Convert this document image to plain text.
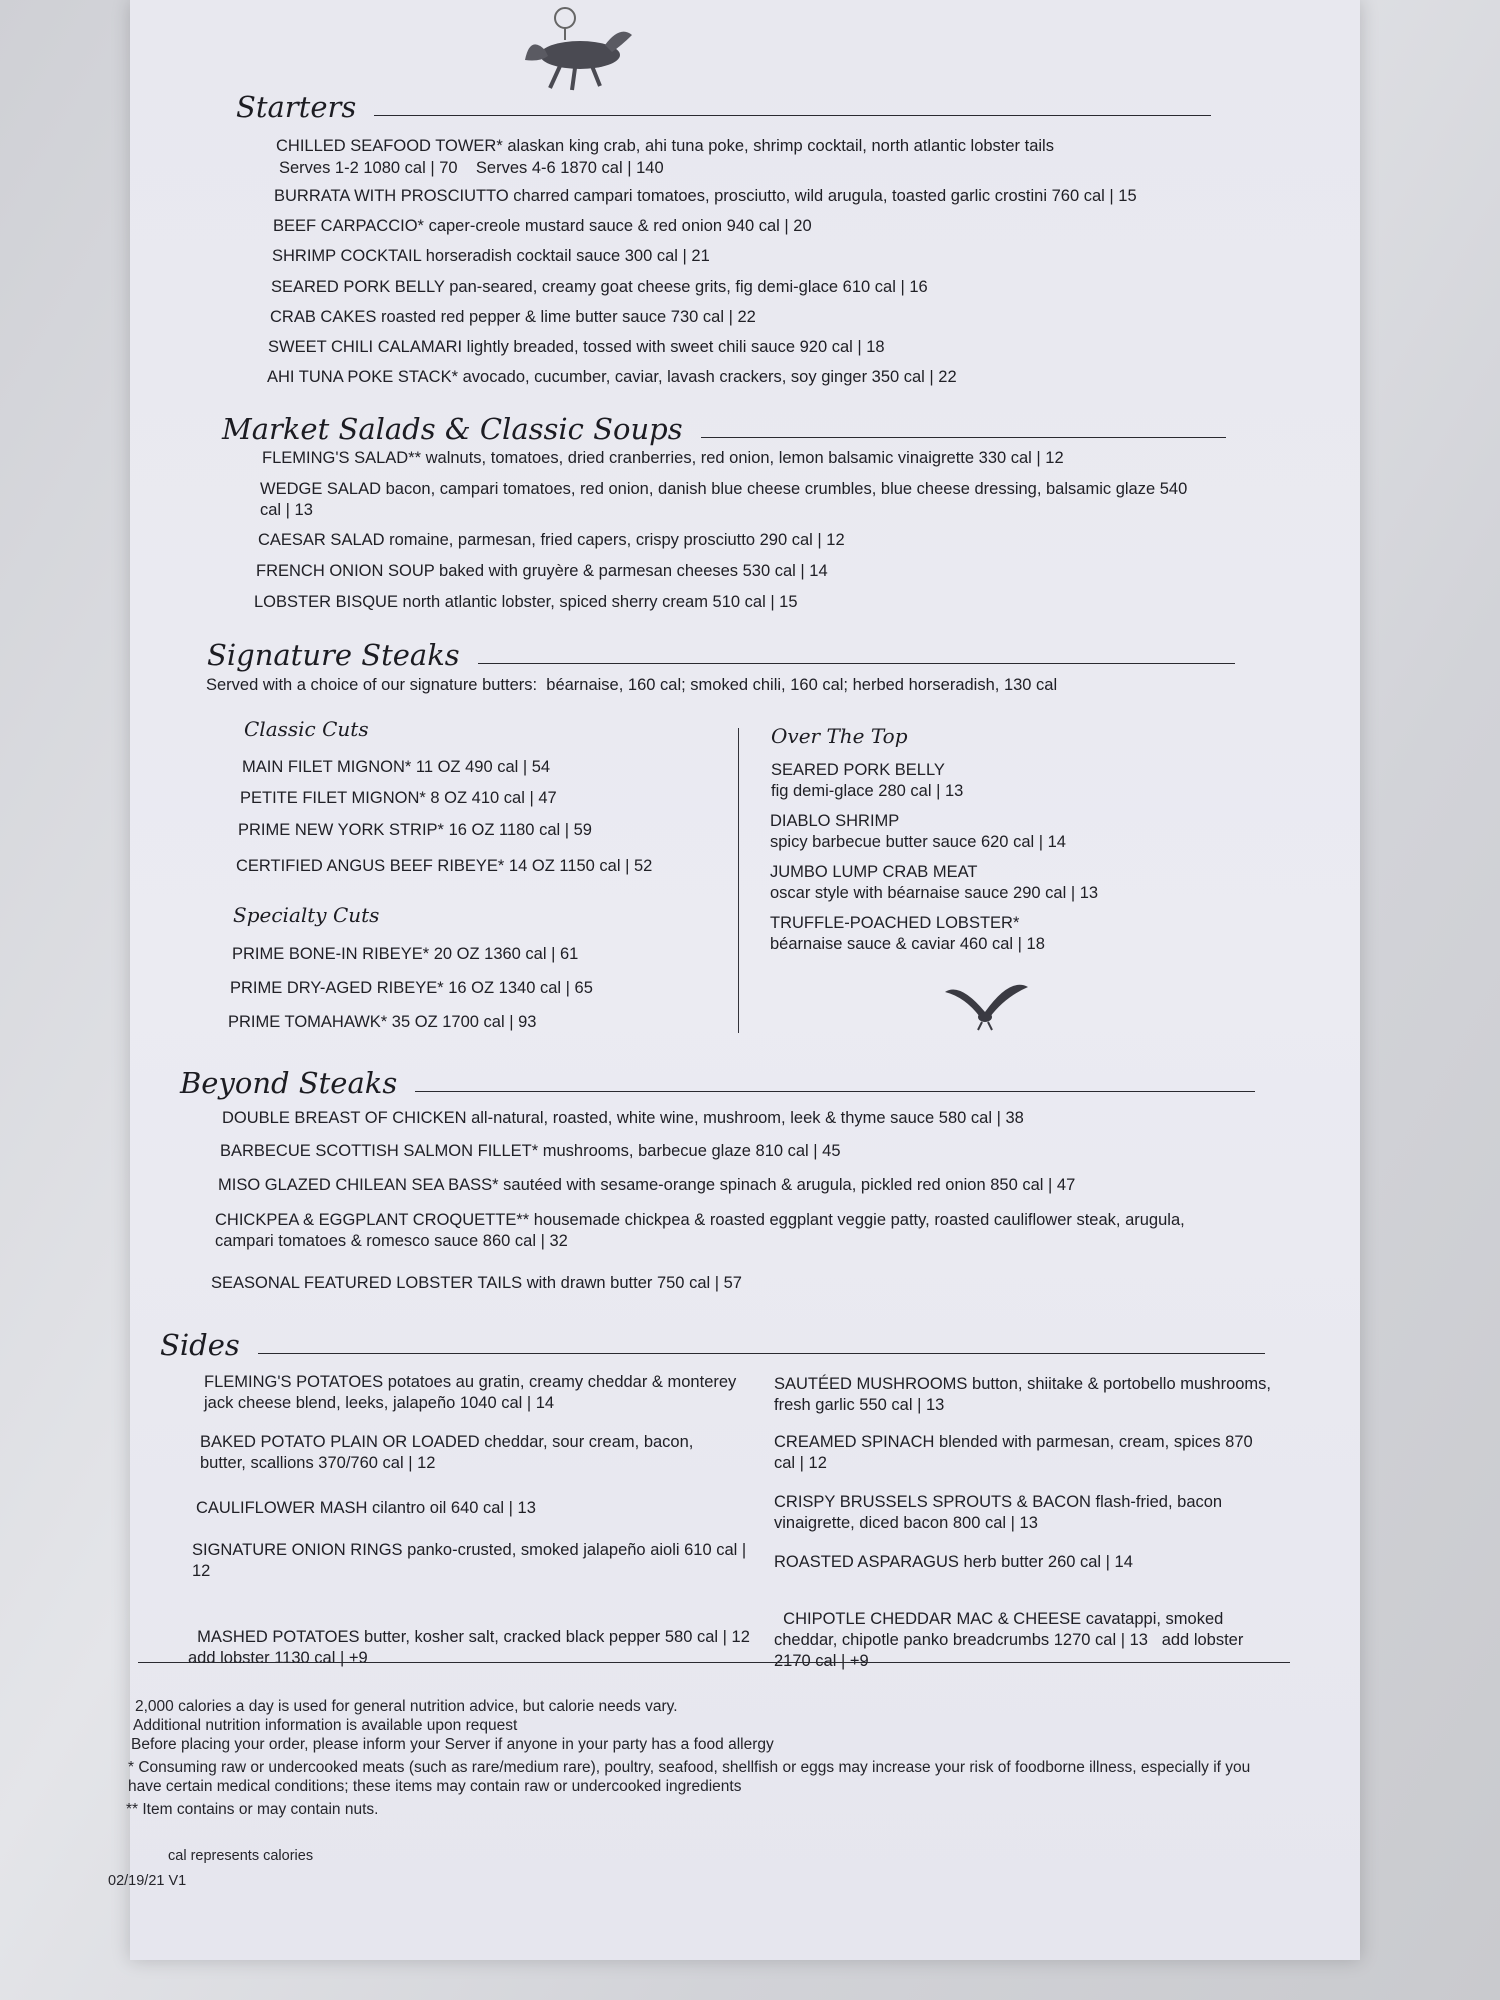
Starters
CHILLED SEAFOOD TOWER* alaskan king crab, ahi tuna poke, shrimp cocktail, north atlantic lobster tails
Serves 1-2 1080 cal | 70    Serves 4-6 1870 cal | 140
BURRATA WITH PROSCIUTTO charred campari tomatoes, prosciutto, wild arugula, toasted garlic crostini 760 cal | 15
BEEF CARPACCIO* caper-creole mustard sauce & red onion 940 cal | 20
SHRIMP COCKTAIL horseradish cocktail sauce 300 cal | 21
SEARED PORK BELLY pan-seared, creamy goat cheese grits, fig demi-glace 610 cal | 16
CRAB CAKES roasted red pepper & lime butter sauce 730 cal | 22
SWEET CHILI CALAMARI lightly breaded, tossed with sweet chili sauce 920 cal | 18
AHI TUNA POKE STACK* avocado, cucumber, caviar, lavash crackers, soy ginger 350 cal | 22
Market Salads & Classic Soups
FLEMING'S SALAD** walnuts, tomatoes, dried cranberries, red onion, lemon balsamic vinaigrette 330 cal | 12
WEDGE SALAD bacon, campari tomatoes, red onion, danish blue cheese crumbles, blue cheese dressing, balsamic glaze 540 cal | 13
CAESAR SALAD romaine, parmesan, fried capers, crispy prosciutto 290 cal | 12
FRENCH ONION SOUP baked with gruyère & parmesan cheeses 530 cal | 14
LOBSTER BISQUE north atlantic lobster, spiced sherry cream 510 cal | 15
Signature Steaks
Served with a choice of our signature butters:  béarnaise, 160 cal; smoked chili, 160 cal; herbed horseradish, 130 cal
Classic Cuts
MAIN FILET MIGNON* 11 OZ 490 cal | 54
PETITE FILET MIGNON* 8 OZ 410 cal | 47
PRIME NEW YORK STRIP* 16 OZ 1180 cal | 59
CERTIFIED ANGUS BEEF RIBEYE* 14 OZ 1150 cal | 52
Specialty Cuts
PRIME BONE-IN RIBEYE* 20 OZ 1360 cal | 61
PRIME DRY-AGED RIBEYE* 16 OZ 1340 cal | 65
PRIME TOMAHAWK* 35 OZ 1700 cal | 93
Over The Top
SEARED PORK BELLY
fig demi-glace 280 cal | 13
DIABLO SHRIMP
spicy barbecue butter sauce 620 cal | 14
JUMBO LUMP CRAB MEAT
oscar style with béarnaise sauce 290 cal | 13
TRUFFLE-POACHED LOBSTER*
béarnaise sauce & caviar 460 cal | 18
Beyond Steaks
DOUBLE BREAST OF CHICKEN all-natural, roasted, white wine, mushroom, leek & thyme sauce 580 cal | 38
BARBECUE SCOTTISH SALMON FILLET* mushrooms, barbecue glaze 810 cal | 45
MISO GLAZED CHILEAN SEA BASS* sautéed with sesame-orange spinach & arugula, pickled red onion 850 cal | 47
CHICKPEA & EGGPLANT CROQUETTE** housemade chickpea & roasted eggplant veggie patty, roasted cauliflower steak, arugula, campari tomatoes & romesco sauce 860 cal | 32
SEASONAL FEATURED LOBSTER TAILS with drawn butter 750 cal | 57
Sides
FLEMING'S POTATOES potatoes au gratin, creamy cheddar & monterey jack cheese blend, leeks, jalapeño 1040 cal | 14
BAKED POTATO PLAIN OR LOADED cheddar, sour cream, bacon, butter, scallions 370/760 cal | 12
CAULIFLOWER MASH cilantro oil 640 cal | 13
SIGNATURE ONION RINGS panko-crusted, smoked jalapeño aioli 610 cal | 12

MASHED POTATOES butter, kosher salt, cracked black pepper 580 cal | 12   add lobster 1130 cal | +9

SAUTÉED MUSHROOMS button, shiitake & portobello mushrooms, fresh garlic 550 cal | 13
CREAMED SPINACH blended with parmesan, cream, spices 870 cal | 12
CRISPY BRUSSELS SPROUTS & BACON flash-fried, bacon vinaigrette, diced bacon 800 cal | 13
ROASTED ASPARAGUS herb butter 260 cal | 14

CHIPOTLE CHEDDAR MAC & CHEESE cavatappi, smoked cheddar, chipotle panko breadcrumbs 1270 cal | 13   add lobster 2170 cal | +9

2,000 calories a day is used for general nutrition advice, but calorie needs vary.
Additional nutrition information is available upon request
Before placing your order, please inform your Server if anyone in your party has a food allergy
* Consuming raw or undercooked meats (such as rare/medium rare), poultry, seafood, shellfish or eggs may increase your risk of foodborne illness, especially if you have certain medical conditions; these items may contain raw or undercooked ingredients
** Item contains or may contain nuts.
cal represents calories
02/19/21 V1
